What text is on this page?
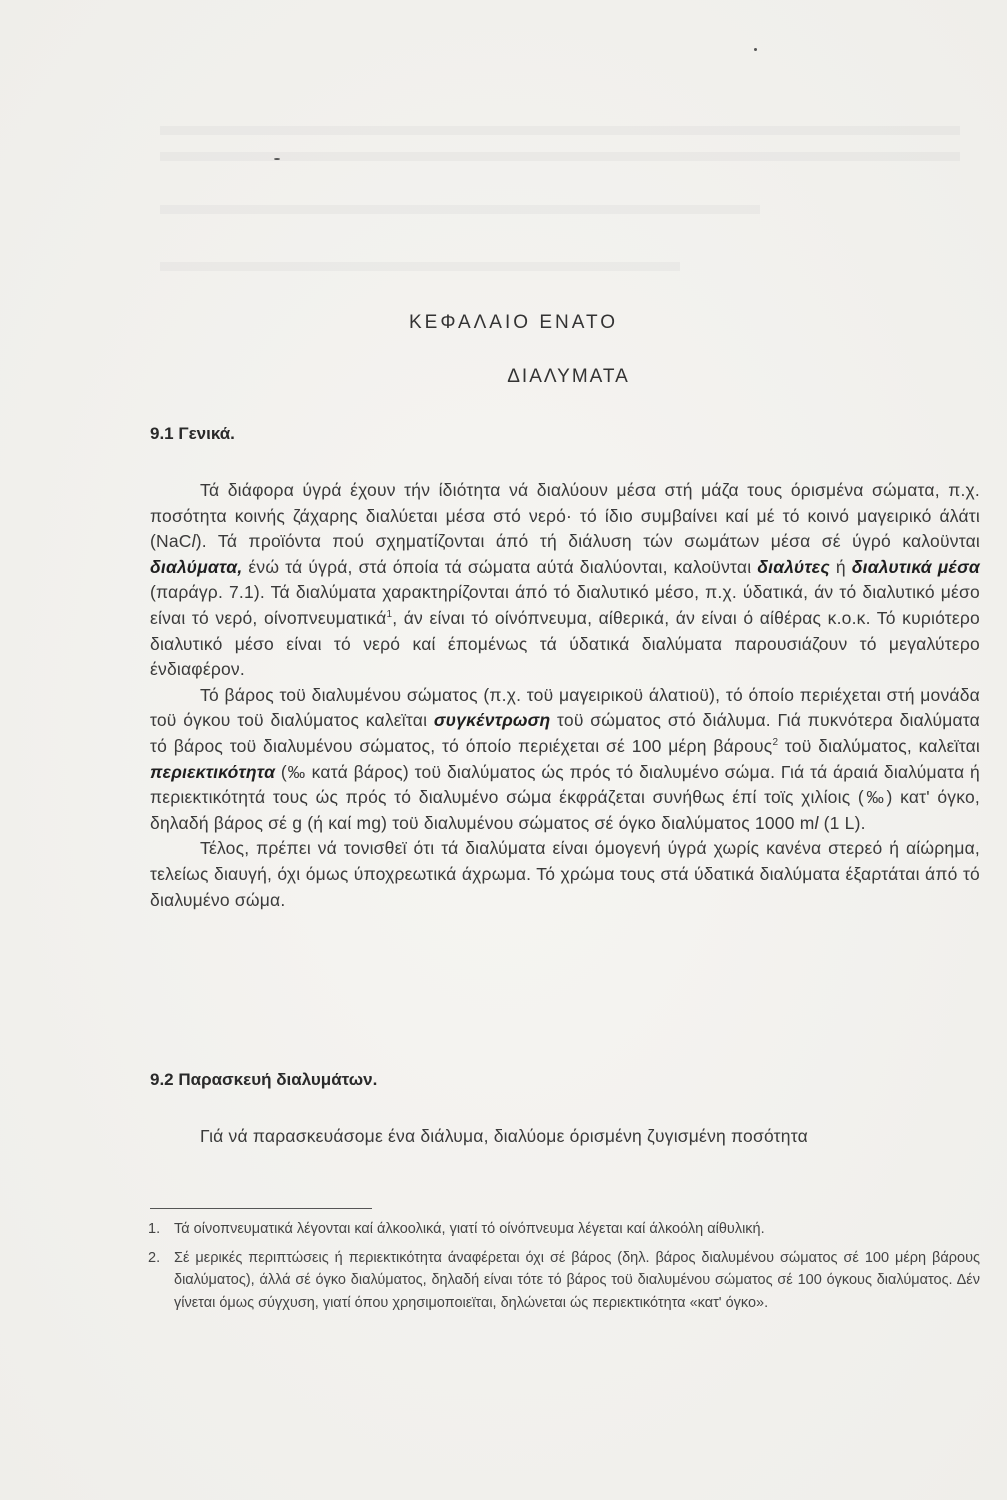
ΚΕΦΑΛΑΙΟ ΕΝΑΤΟ
ΔΙΑΛΥΜΑΤΑ
9.1 Γενικά.

Τά διάφορα ύγρά έχουν τήν ίδιότητα νά διαλύουν μέσα στή μάζα τους όρισμένα σώματα, π.χ. ποσότητα κοινής ζάχαρης διαλύεται μέσα στό νερό· τό ίδιο συμβαίνει καί μέ τό κοινό μαγειρικό άλάτι (NaCl). Τά προϊόντα πού σχηματίζονται άπό τή διάλυση τών σωμάτων μέσα σέ ύγρό καλοϋνται διαλύματα, ένώ τά ύγρά, στά όποία τά σώματα αύτά διαλύονται, καλοϋνται διαλύτες ή διαλυτικά μέσα (παράγρ. 7.1). Τά διαλύματα χαρακτηρίζονται άπό τό διαλυτικό μέσο, π.χ. ύδατικά, άν τό διαλυτικό μέσο είναι τό νερό, οίνοπνευματικά$^1$, άν είναι τό οίνόπνευμα, αίθερικά, άν είναι ό αίθέρας κ.ο.κ. Τό κυριότερο διαλυτικό μέσο είναι τό νερό καί έπομένως τά ύδατικά διαλύματα παρουσιάζουν τό μεγαλύτερο ένδιαφέρον.

Τό βάρος τοϋ διαλυμένου σώματος (π.χ. τοϋ μαγειρικοϋ άλατιοϋ), τό όποίο περιέχεται στή μονάδα τοϋ όγκου τοϋ διαλύματος καλεϊται συγκέντρωση τοϋ σώματος στό διάλυμα. Γιά πυκνότερα διαλύματα τό βάρος τοϋ διαλυμένου σώματος, τό όποίο περιέχεται σέ 100 μέρη βάρους$^2$ τοϋ διαλύματος, καλεϊται περιεκτικότητα (‰ κατά βάρος) τοϋ διαλύματος ώς πρός τό διαλυμένο σώμα. Γιά τά άραιά διαλύματα ή περιεκτικότητά τους ώς πρός τό διαλυμένο σώμα έκφράζεται συνήθως έπί τοϊς χιλίοις (‰) κατ' όγκο, δηλαδή βάρος σέ g (ή καί mg) τοϋ διαλυμένου σώματος σέ όγκο διαλύματος 1000 ml (1 L).

Τέλος, πρέπει νά τονισθεϊ ότι τά διαλύματα είναι όμογενή ύγρά χωρίς κανένα στερεό ή αίώρημα, τελείως διαυγή, όχι όμως ύποχρεωτικά άχρωμα. Τό χρώμα τους στά ύδατικά διαλύματα έξαρτάται άπό τό διαλυμένο σώμα.

9.2 Παρασκευή διαλυμάτων.

Γιά νά παρασκευάσομε ένα διάλυμα, διαλύομε όρισμένη ζυγισμένη ποσότητα

1. Τά οίνοπνευματικά λέγονται καί άλκοολικά, γιατί τό οίνόπνευμα λέγεται καί άλκοόλη αίθυλική.
2. Σέ μερικές περιπτώσεις ή περιεκτικότητα άναφέρεται όχι σέ βάρος (δηλ. βάρος διαλυμένου σώματος σέ 100 μέρη βάρους διαλύματος), άλλά σέ όγκο διαλύματος, δηλαδή είναι τότε τό βάρος τοϋ διαλυμένου σώματος σέ 100 όγκους διαλύματος. Δέν γίνεται όμως σύγχυση, γιατί όπου χρησιμοποιεϊται, δηλώνεται ώς περιεκτικότητα «κατ' όγκο».
